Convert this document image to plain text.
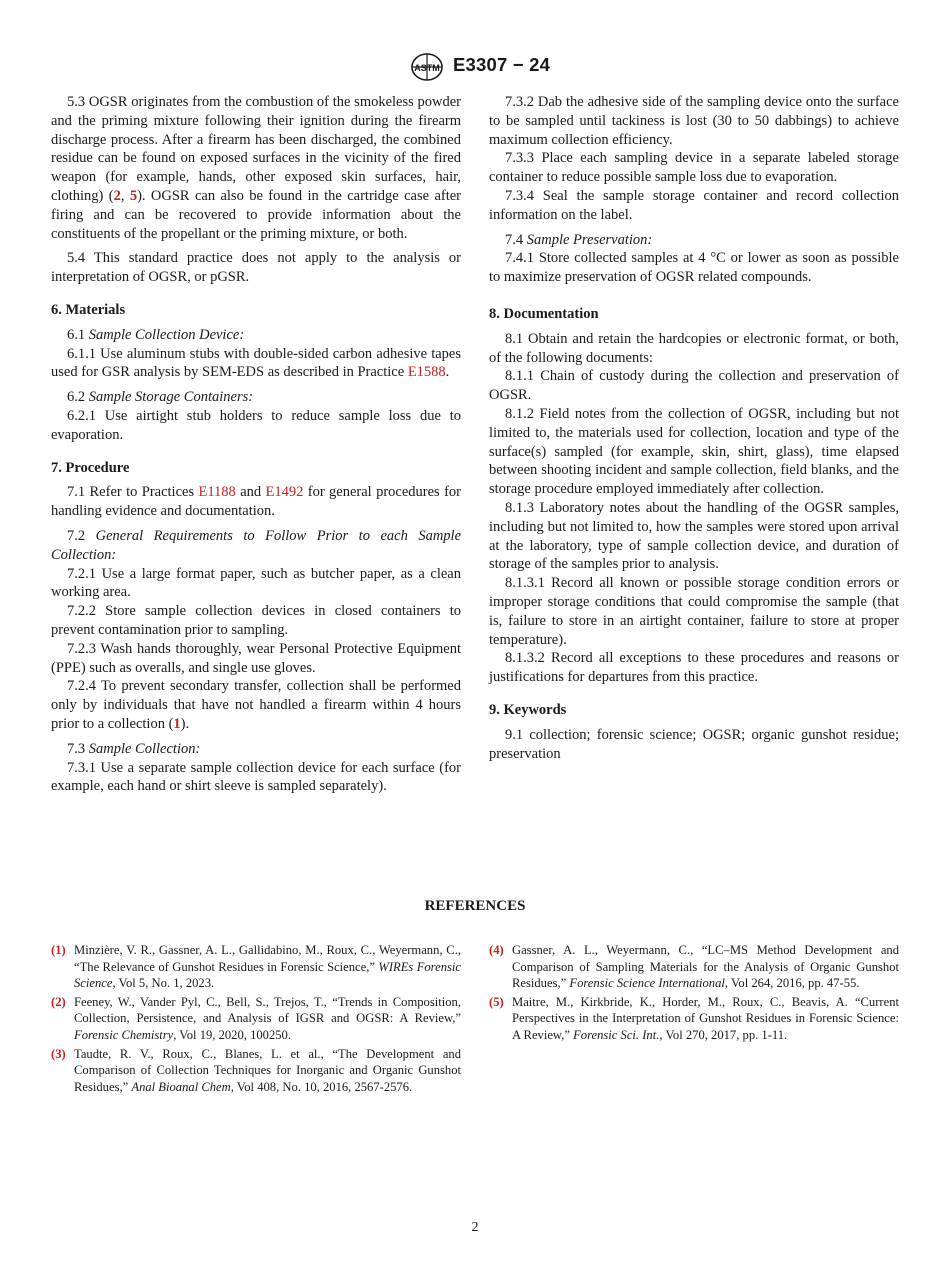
ASTM E3307 − 24

5.3 OGSR originates from the combustion of the smokeless powder and the priming mixture following their ignition during the firearm discharge process. After a firearm has been discharged, the combined residue can be found on exposed surfaces in the vicinity of the fired weapon (for example, hands, other exposed skin surfaces, hair, clothing) (2, 5). OGSR can also be found in the cartridge case after firing and can be recovered to provide information about the constituents of the propellant or the priming mixture, or both.

5.4 This standard practice does not apply to the analysis or interpretation of OGSR, or pGSR.

6. Materials

6.1 Sample Collection Device:

6.1.1 Use aluminum stubs with double-sided carbon adhesive tapes used for GSR analysis by SEM-EDS as described in Practice E1588.

6.2 Sample Storage Containers:

6.2.1 Use airtight stub holders to reduce sample loss due to evaporation.

7. Procedure

7.1 Refer to Practices E1188 and E1492 for general procedures for handling evidence and documentation.

7.2 General Requirements to Follow Prior to each Sample Collection:

7.2.1 Use a large format paper, such as butcher paper, as a clean working area.

7.2.2 Store sample collection devices in closed containers to prevent contamination prior to sampling.

7.2.3 Wash hands thoroughly, wear Personal Protective Equipment (PPE) such as overalls, and single use gloves.

7.2.4 To prevent secondary transfer, collection shall be performed only by individuals that have not handled a firearm within 4 hours prior to a collection (1).

7.3 Sample Collection:

7.3.1 Use a separate sample collection device for each surface (for example, each hand or shirt sleeve is sampled separately).

7.3.2 Dab the adhesive side of the sampling device onto the surface to be sampled until tackiness is lost (30 to 50 dabbings) to achieve maximum collection efficiency.

7.3.3 Place each sampling device in a separate labeled storage container to reduce possible sample loss due to evaporation.

7.3.4 Seal the sample storage container and record collection information on the label.

7.4 Sample Preservation:

7.4.1 Store collected samples at 4 °C or lower as soon as possible to maximize preservation of OGSR related compounds.

8. Documentation

8.1 Obtain and retain the hardcopies or electronic format, or both, of the following documents:

8.1.1 Chain of custody during the collection and preservation of OGSR.

8.1.2 Field notes from the collection of OGSR, including but not limited to, the materials used for collection, location and type of the surface(s) sampled (for example, skin, shirt, glass), time elapsed between shooting incident and sample collection, field blanks, and the storage procedure employed immediately after collection.

8.1.3 Laboratory notes about the handling of the OGSR samples, including but not limited to, how the samples were stored upon arrival at the laboratory, type of sample collection device, and duration of storage of the samples prior to analysis.

8.1.3.1 Record all known or possible storage condition errors or improper storage conditions that could compromise the sample (that is, failure to store in an airtight container, failure to store at proper temperature).

8.1.3.2 Record all exceptions to these procedures and reasons or justifications for departures from this practice.

9. Keywords

9.1 collection; forensic science; OGSR; organic gunshot residue; preservation

REFERENCES
(1) Minzière, V. R., Gassner, A. L., Gallidabino, M., Roux, C., Weyermann, C., “The Relevance of Gunshot Residues in Forensic Science,” WIREs Forensic Science, Vol 5, No. 1, 2023.
(2) Feeney, W., Vander Pyl, C., Bell, S., Trejos, T., “Trends in Composition, Collection, Persistence, and Analysis of IGSR and OGSR: A Review,” Forensic Chemistry, Vol 19, 2020, 100250.
(3) Taudte, R. V., Roux, C., Blanes, L. et al., “The Development and Comparison of Collection Techniques for Inorganic and Organic Gunshot Residues,” Anal Bioanal Chem, Vol 408, No. 10, 2016, 2567-2576.
(4) Gassner, A. L., Weyermann, C., “LC–MS Method Development and Comparison of Sampling Materials for the Analysis of Organic Gunshot Residues,” Forensic Science International, Vol 264, 2016, pp. 47-55.
(5) Maitre, M., Kirkbride, K., Horder, M., Roux, C., Beavis, A. “Current Perspectives in the Interpretation of Gunshot Residues in Forensic Science: A Review,” Forensic Sci. Int., Vol 270, 2017, pp. 1-11.
2
